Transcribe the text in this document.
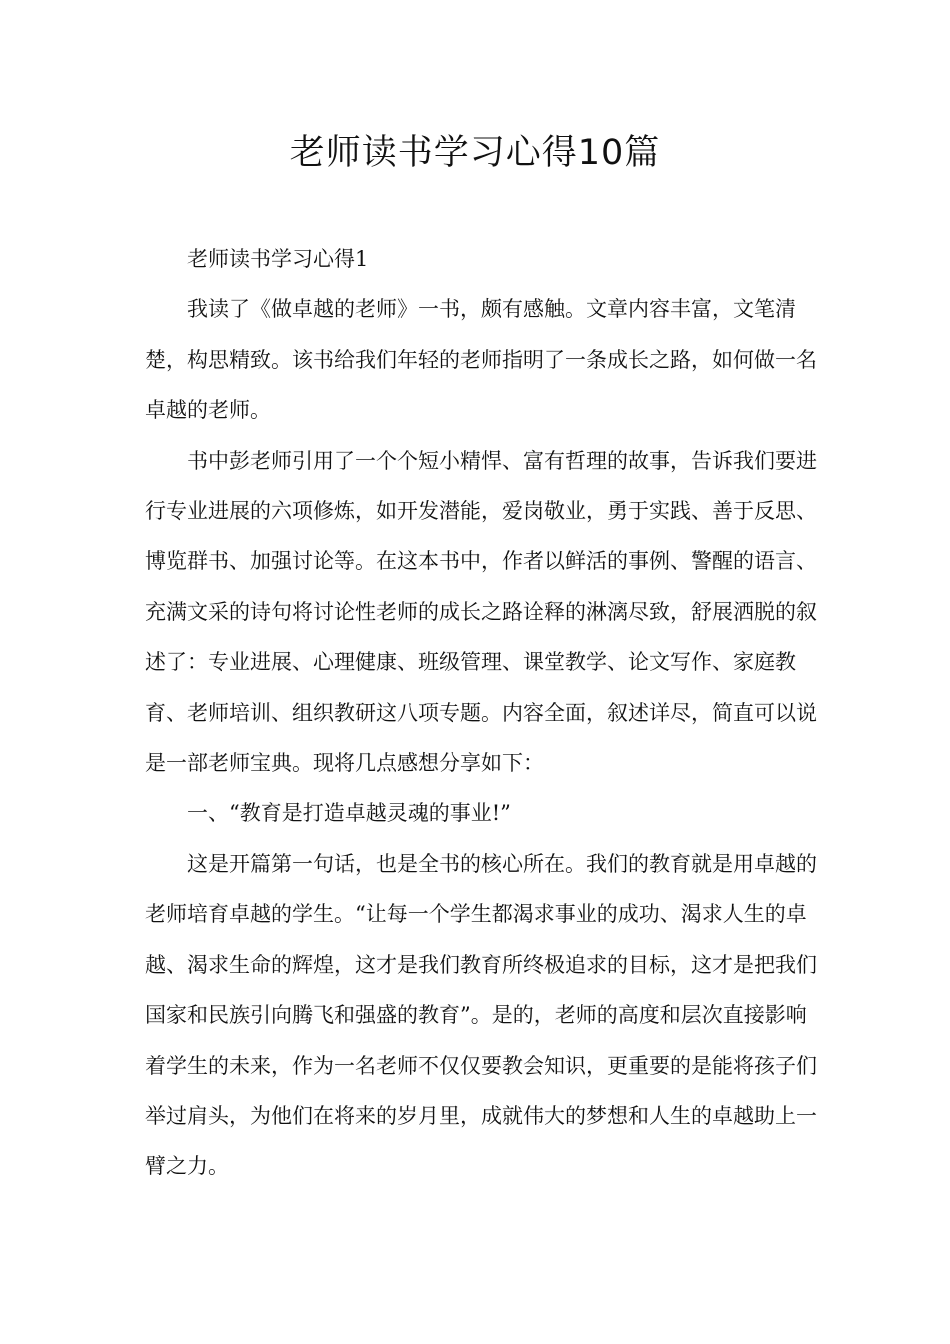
老师读书学习心得10篇

老师读书学习心得1

我读了《做卓越的老师》一书，颇有感触。文章内容丰富，文笔清楚，构思精致。该书给我们年轻的老师指明了一条成长之路，如何做一名卓越的老师。

书中彭老师引用了一个个短小精悍、富有哲理的故事，告诉我们要进行专业进展的六项修炼，如开发潜能，爱岗敬业，勇于实践、善于反思、博览群书、加强讨论等。在这本书中，作者以鲜活的事例、警醒的语言、充满文采的诗句将讨论性老师的成长之路诠释的淋漓尽致，舒展洒脱的叙述了：专业进展、心理健康、班级管理、课堂教学、论文写作、家庭教育、老师培训、组织教研这八项专题。内容全面，叙述详尽，简直可以说是一部老师宝典。现将几点感想分享如下：

一、“教育是打造卓越灵魂的事业!”

这是开篇第一句话，也是全书的核心所在。我们的教育就是用卓越的老师培育卓越的学生。“让每一个学生都渴求事业的成功、渴求人生的卓越、渴求生命的辉煌，这才是我们教育所终极追求的目标，这才是把我们国家和民族引向腾飞和强盛的教育”。是的，老师的高度和层次直接影响着学生的未来，作为一名老师不仅仅要教会知识，更重要的是能将孩子们举过肩头，为他们在将来的岁月里，成就伟大的梦想和人生的卓越助上一臂之力。
